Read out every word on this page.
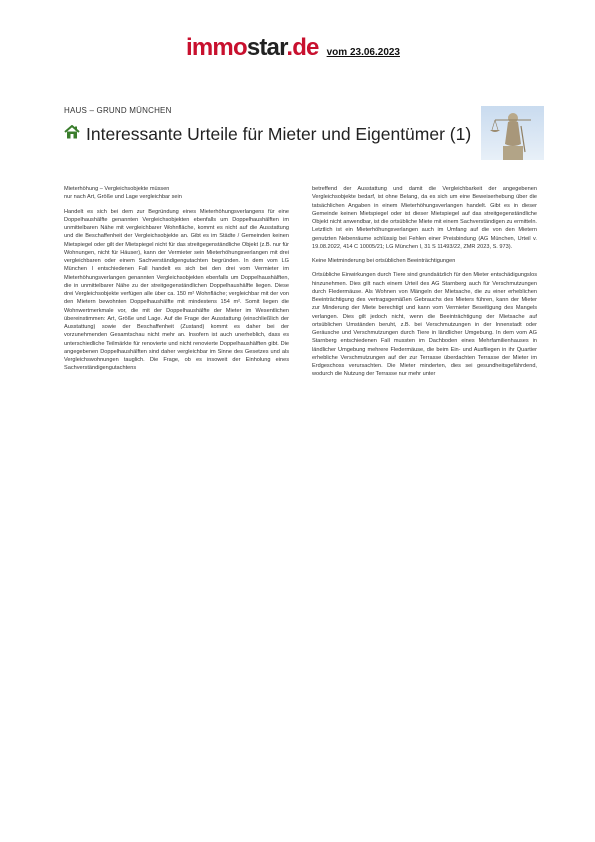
immostar.de vom 23.06.2023
HAUS – GRUND MÜNCHEN
Interessante Urteile für Mieter und Eigentümer (1)

Mieterhöhung – Vergleichsobjekte müssen
nur nach Art, Größe und Lage vergleichbar sein

Handelt es sich bei dem zur Begründung eines Mieterhöhungsverlangens für eine Doppelhaushälfte genannten Vergleichsobjekten ebenfalls um Doppelhaushälften im unmittelbaren Nähe mit vergleichbarer Wohnfläche, kommt es nicht auf die Ausstattung und die Beschaffenheit der Vergleichsobjekte an. Gibt es im Städte / Gemeinden keinen Mietspiegel oder gilt der Mietspiegel nicht für das streitgegenständliche Objekt (z.B. nur für Wohnungen, nicht für Häuser), kann der Vermieter sein Mieterhöhungsverlangen mit drei vergleichbaren oder einem Sachverständigengutachten begründen. In dem vom LG München I entschiedenen Fall handelt es sich bei den drei vom Vermieter im Mieterhöhungsverlangen genannten Vergleichsobjekten ebenfalls um Doppelhaushälften, die in unmittelbarer Nähe zu der streitgegenständlichen Doppelhaushälfte liegen. Diese drei Vergleichsobjekte verfügen alle über ca. 150 m² Wohnfläche; vergleichbar mit der von den Mietern bewohnten Doppelhaushälfte mit mindestens 154 m². Somit liegen die Wohnwertmerkmale vor, die mit der Doppelhaushälfte der Mieter im Wesentlichen übereinstimmen: Art, Größe und Lage. Auf die Frage der Ausstattung (einschließlich der Ausstattung) sowie der Beschaffenheit (Zustand) kommt es daher bei der vorzunehmenden Gesamtschau nicht mehr an. Insofern ist auch unerheblich, dass es unterschiedliche Teilmärkte für renovierte und nicht renovierte Doppelhaushälften gibt. Die angegebenen Doppelhaushälften sind daher vergleichbar im Sinne des Gesetzes und als Vergleichswohnungen tauglich. Die Frage, ob es insoweit der Einholung eines Sachverständigengutachtens

betreffend der Ausstattung und damit die Vergleichbarkeit der angegebenen Vergleichsobjekte bedarf, ist ohne Belang, da es sich um eine Beweiserhebung über die tatsächlichen Angaben in einem Mieterhöhungsverlangen handelt. Gibt es in dieser Gemeinde keinen Mietspiegel oder ist dieser Mietspiegel auf das streitgegenständliche Objekt nicht anwendbar, ist die ortsübliche Miete mit einem Sachverständigen zu ermitteln. Letztlich ist ein Mieterhöhungsverlangen auch im Umfang auf die von den Mietern genutzten Nebenräume schlüssig bei Fehlen einer Preisbindung (AG München, Urteil v. 19.08.2022, 414 C 10005/21; LG München I, 31 S 11493/22, ZMR 2023, S. 973).

Keine Mietminderung bei ortsüblichen Beeinträchtigungen

Ortsübliche Einwirkungen durch Tiere sind grundsätzlich für den Mieter entschädigungslos hinzunehmen. Dies gilt nach einem Urteil des AG Starnberg auch für Verschmutzungen durch Fledermäuse. Als Wohnen von Mängeln der Mietsache, die zu einer erheblichen Beeinträchtigung des vertragsgemäßen Gebrauchs des Mieters führen, kann der Mieter zur Minderung der Miete berechtigt und kann vom Vermieter Beseitigung des Mangels verlangen. Dies gilt jedoch nicht, wenn die Beeinträchtigung der Mietsache auf ortsüblichen Umständen beruht, z.B. bei Verschmutzungen in der Innenstadt oder Geräusche und Verschmutzungen durch Tiere in ländlicher Umgebung. In dem vom AG Starnberg entschiedenen Fall mussten im Dachboden eines Mehrfamilienhauses in ländlicher Umgebung mehrere Fledermäuse, die beim Ein- und Ausfliegen in ihr Quartier erhebliche Verschmutzungen auf der zur Terrasse überdachten Terrasse der Mieter im Erdgeschoss verursachten. Die Mieter minderten, dies sei gesundheitsgefährdend, wodurch die Nutzung der Terrasse nur mehr unter
